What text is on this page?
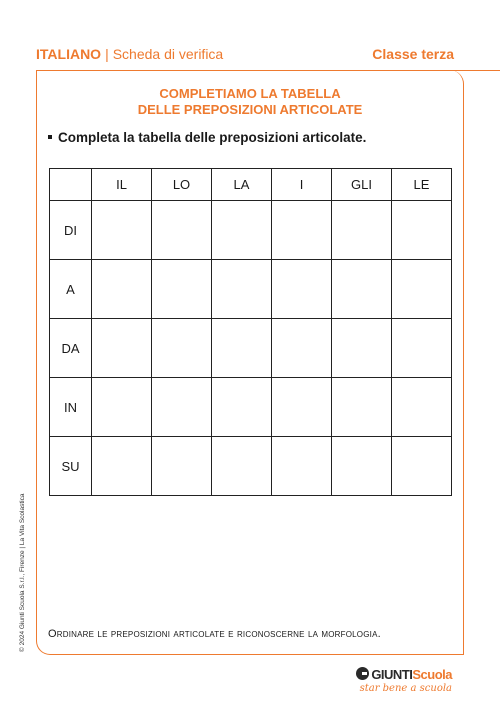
ITALIANO | Scheda di verifica	Classe terza
COMPLETIAMO LA TABELLA
DELLE PREPOSIZIONI ARTICOLATE
Completa la tabella delle preposizioni articolate.
	IL	LO	LA	I	GLI	LE
DI						
A						
DA						
IN						
SU						
Ordinare le preposizioni articolate e riconoscerne la morfologia.
© 2024 Giunti Scuola S.r.l., Firenze | La Vita Scolastica
GIUNTIScuola
star bene a scuola
